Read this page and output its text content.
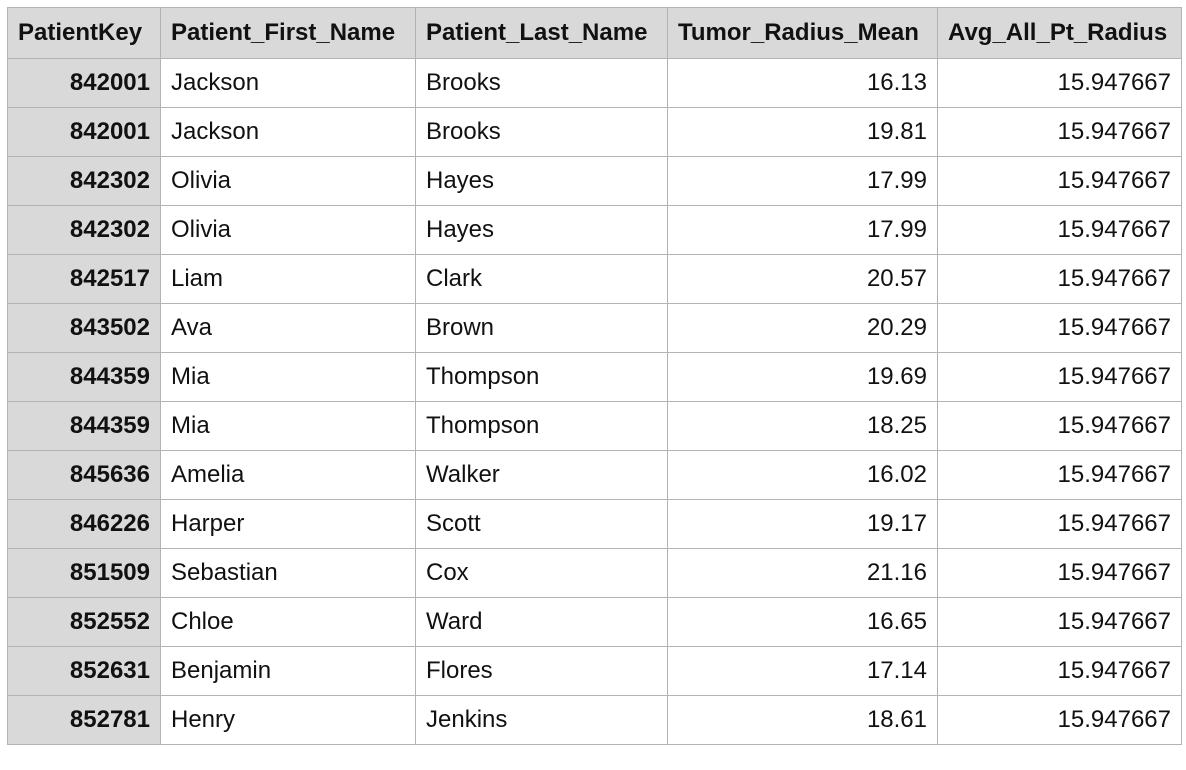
PatientKey	Patient_First_Name	Patient_Last_Name	Tumor_Radius_Mean	Avg_All_Pt_Radius
842001	Jackson	Brooks	16.13	15.947667
842001	Jackson	Brooks	19.81	15.947667
842302	Olivia	Hayes	17.99	15.947667
842302	Olivia	Hayes	17.99	15.947667
842517	Liam	Clark	20.57	15.947667
843502	Ava	Brown	20.29	15.947667
844359	Mia	Thompson	19.69	15.947667
844359	Mia	Thompson	18.25	15.947667
845636	Amelia	Walker	16.02	15.947667
846226	Harper	Scott	19.17	15.947667
851509	Sebastian	Cox	21.16	15.947667
852552	Chloe	Ward	16.65	15.947667
852631	Benjamin	Flores	17.14	15.947667
852781	Henry	Jenkins	18.61	15.947667
